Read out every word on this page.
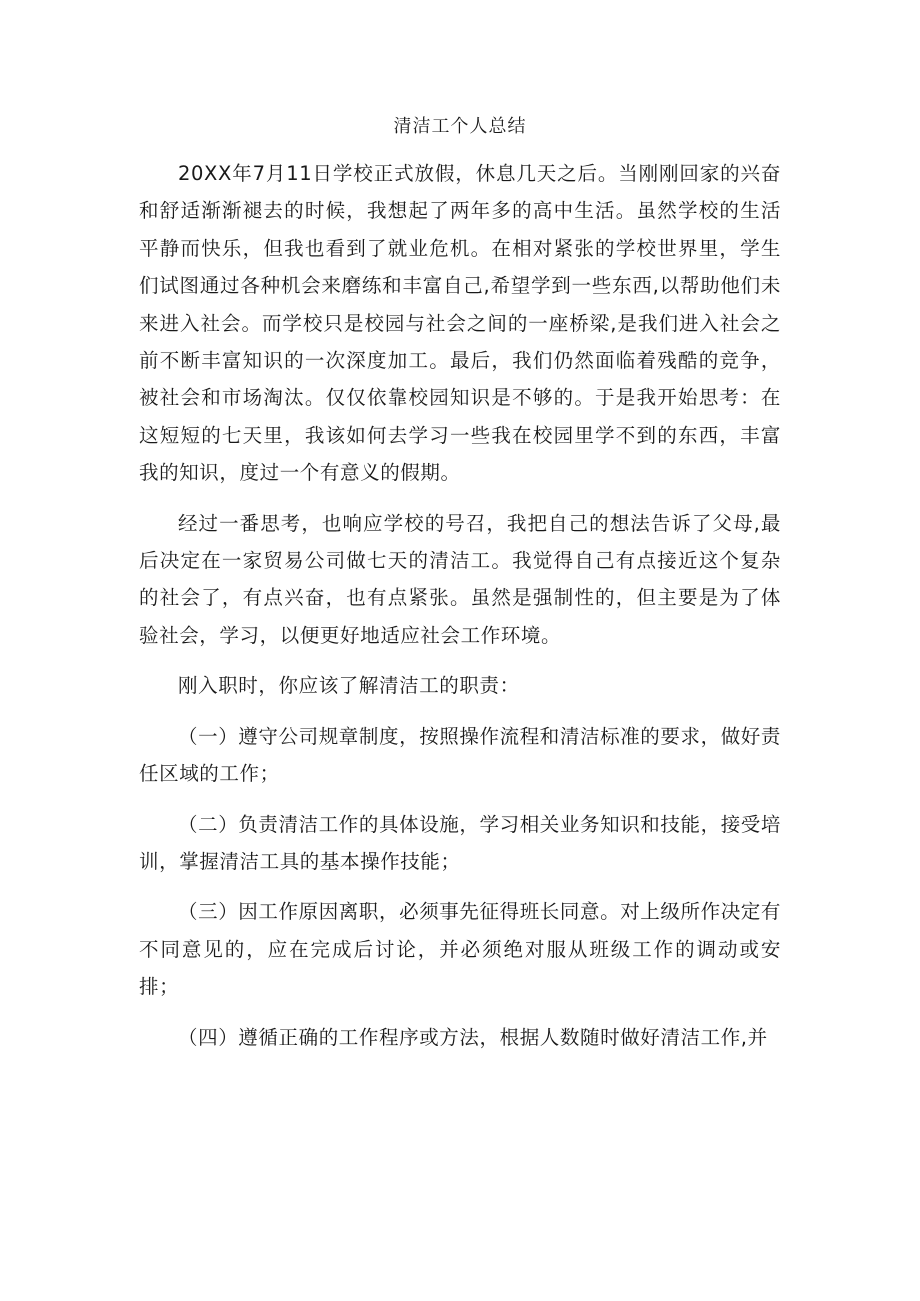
清洁工个人总结

20XX年7月11日学校正式放假，休息几天之后。当刚刚回家的兴奋和舒适渐渐褪去的时候，我想起了两年多的高中生活。虽然学校的生活平静而快乐，但我也看到了就业危机。在相对紧张的学校世界里，学生们试图通过各种机会来磨练和丰富自己,希望学到一些东西,以帮助他们未来进入社会。而学校只是校园与社会之间的一座桥梁,是我们进入社会之前不断丰富知识的一次深度加工。最后，我们仍然面临着残酷的竞争，被社会和市场淘汰。仅仅依靠校园知识是不够的。于是我开始思考：在这短短的七天里，我该如何去学习一些我在校园里学不到的东西，丰富我的知识，度过一个有意义的假期。

经过一番思考，也响应学校的号召，我把自己的想法告诉了父母,最后决定在一家贸易公司做七天的清洁工。我觉得自己有点接近这个复杂的社会了，有点兴奋，也有点紧张。虽然是强制性的，但主要是为了体验社会，学习，以便更好地适应社会工作环境。

刚入职时，你应该了解清洁工的职责：

（一）遵守公司规章制度，按照操作流程和清洁标准的要求，做好责任区域的工作；

（二）负责清洁工作的具体设施，学习相关业务知识和技能，接受培训，掌握清洁工具的基本操作技能；

（三）因工作原因离职，必须事先征得班长同意。对上级所作决定有不同意见的，应在完成后讨论，并必须绝对服从班级工作的调动或安排；

（四）遵循正确的工作程序或方法，根据人数随时做好清洁工作,并
